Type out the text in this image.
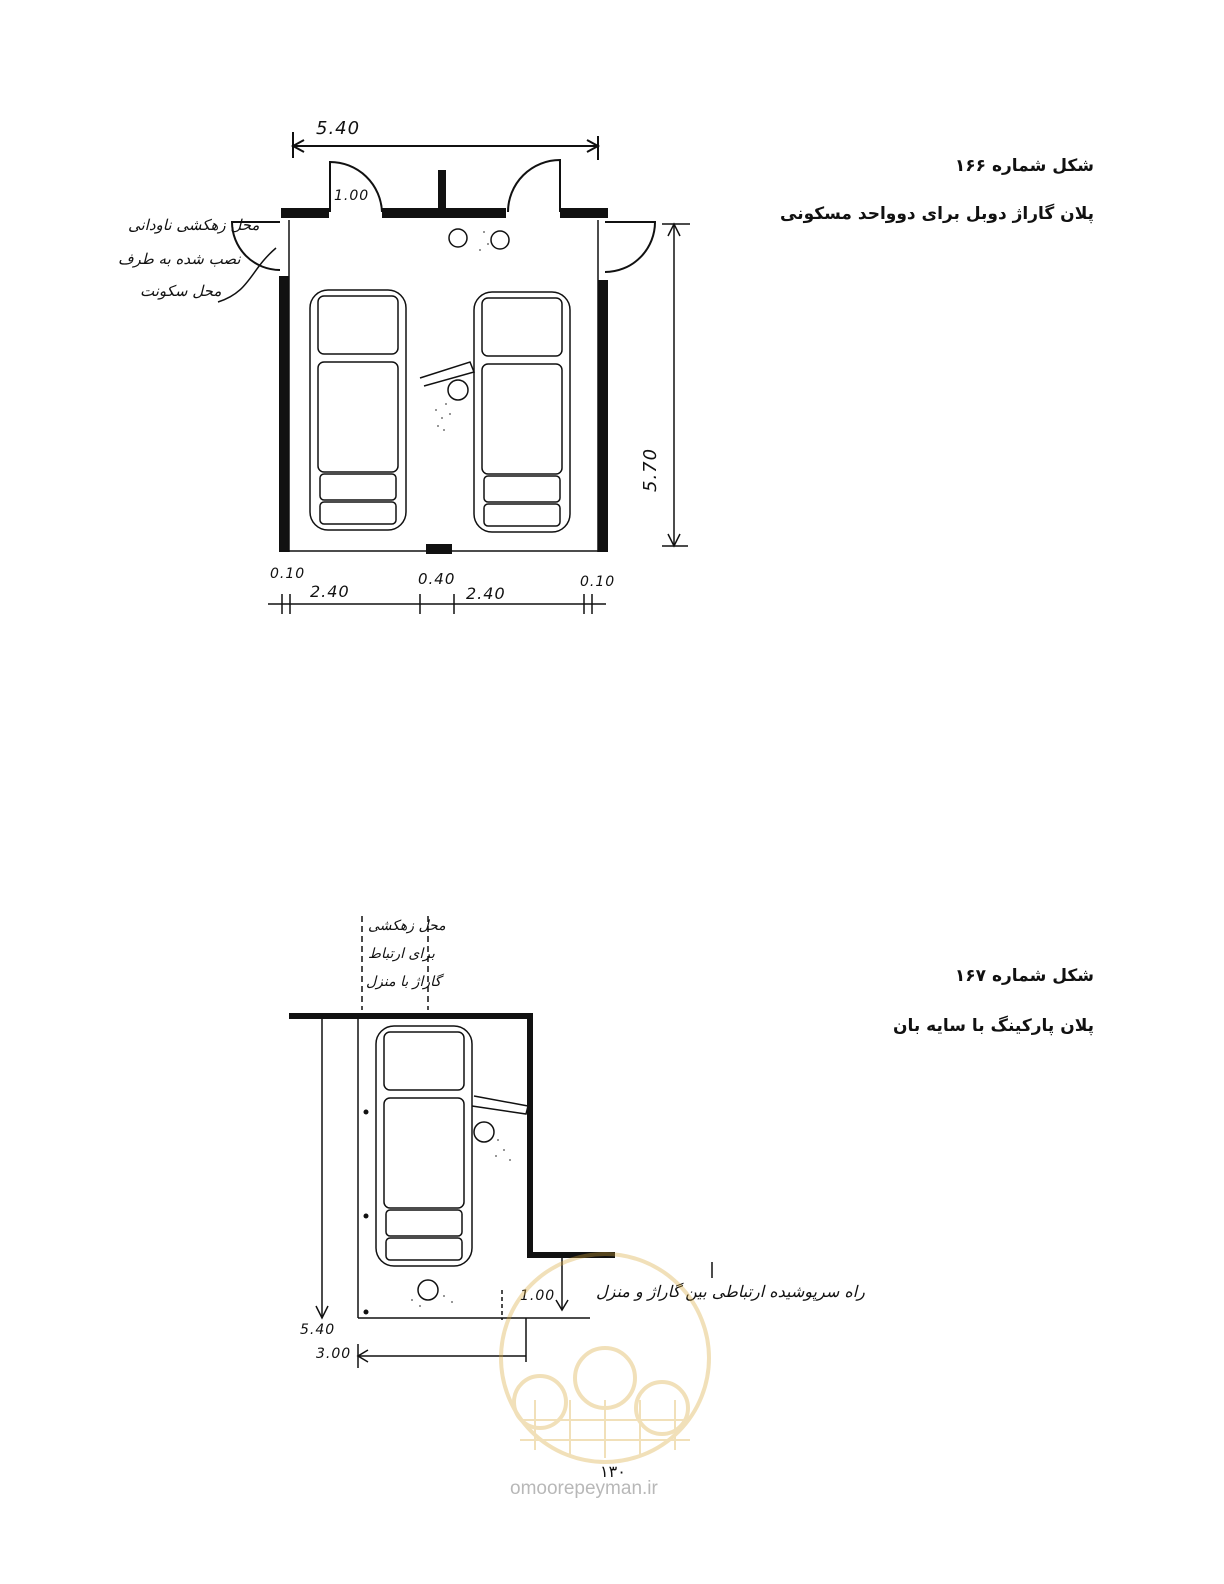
5.40
1.00
5.70
0.10
2.40
0.40
2.40
0.10
محل زهکشی ناودانی
نصب شده به طرف
محل سکونت
شکل شماره ۱۶۶
پلان گاراژ دوبل برای دوواحد مسکونی
محل زهکشی
برای ارتباط
گاراژ با منزل
راه سرپوشیده ارتباطی بین گاراژ و منزل
1.00
5.40
3.00
شکل شماره ۱۶۷
پلان پارکینگ با سایه بان
۱۳۰
omoorepeyman.ir
